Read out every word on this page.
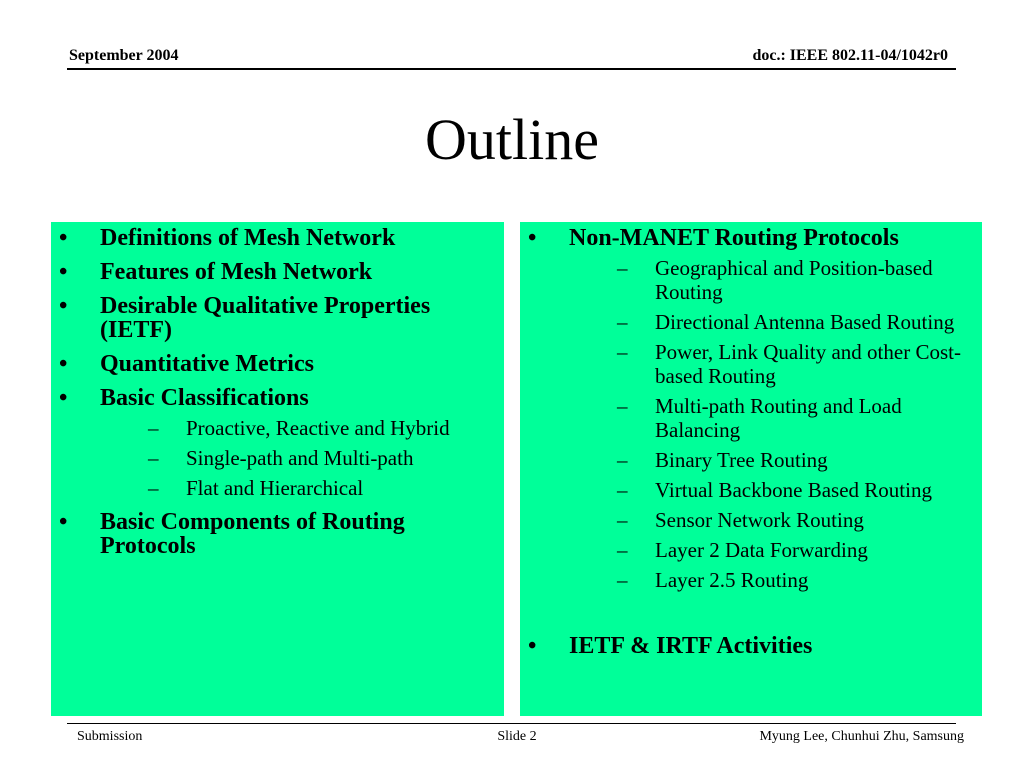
September 2004	doc.: IEEE 802.11-04/1042r0
Outline
• Definitions of Mesh Network
• Features of Mesh Network
• Desirable Qualitative Properties (IETF)
• Quantitative Metrics
• Basic Classifications
– Proactive, Reactive and Hybrid
– Single-path and Multi-path
– Flat and Hierarchical
• Basic Components of Routing Protocols
• Non-MANET Routing Protocols
– Geographical and Position-based Routing
– Directional Antenna Based Routing
– Power, Link Quality and other Cost-based Routing
– Multi-path Routing and Load Balancing
– Binary Tree Routing
– Virtual Backbone Based Routing
– Sensor Network Routing
– Layer 2 Data Forwarding
– Layer 2.5 Routing
• IETF & IRTF Activities
Submission	Slide 2	Myung Lee, Chunhui Zhu, Samsung
